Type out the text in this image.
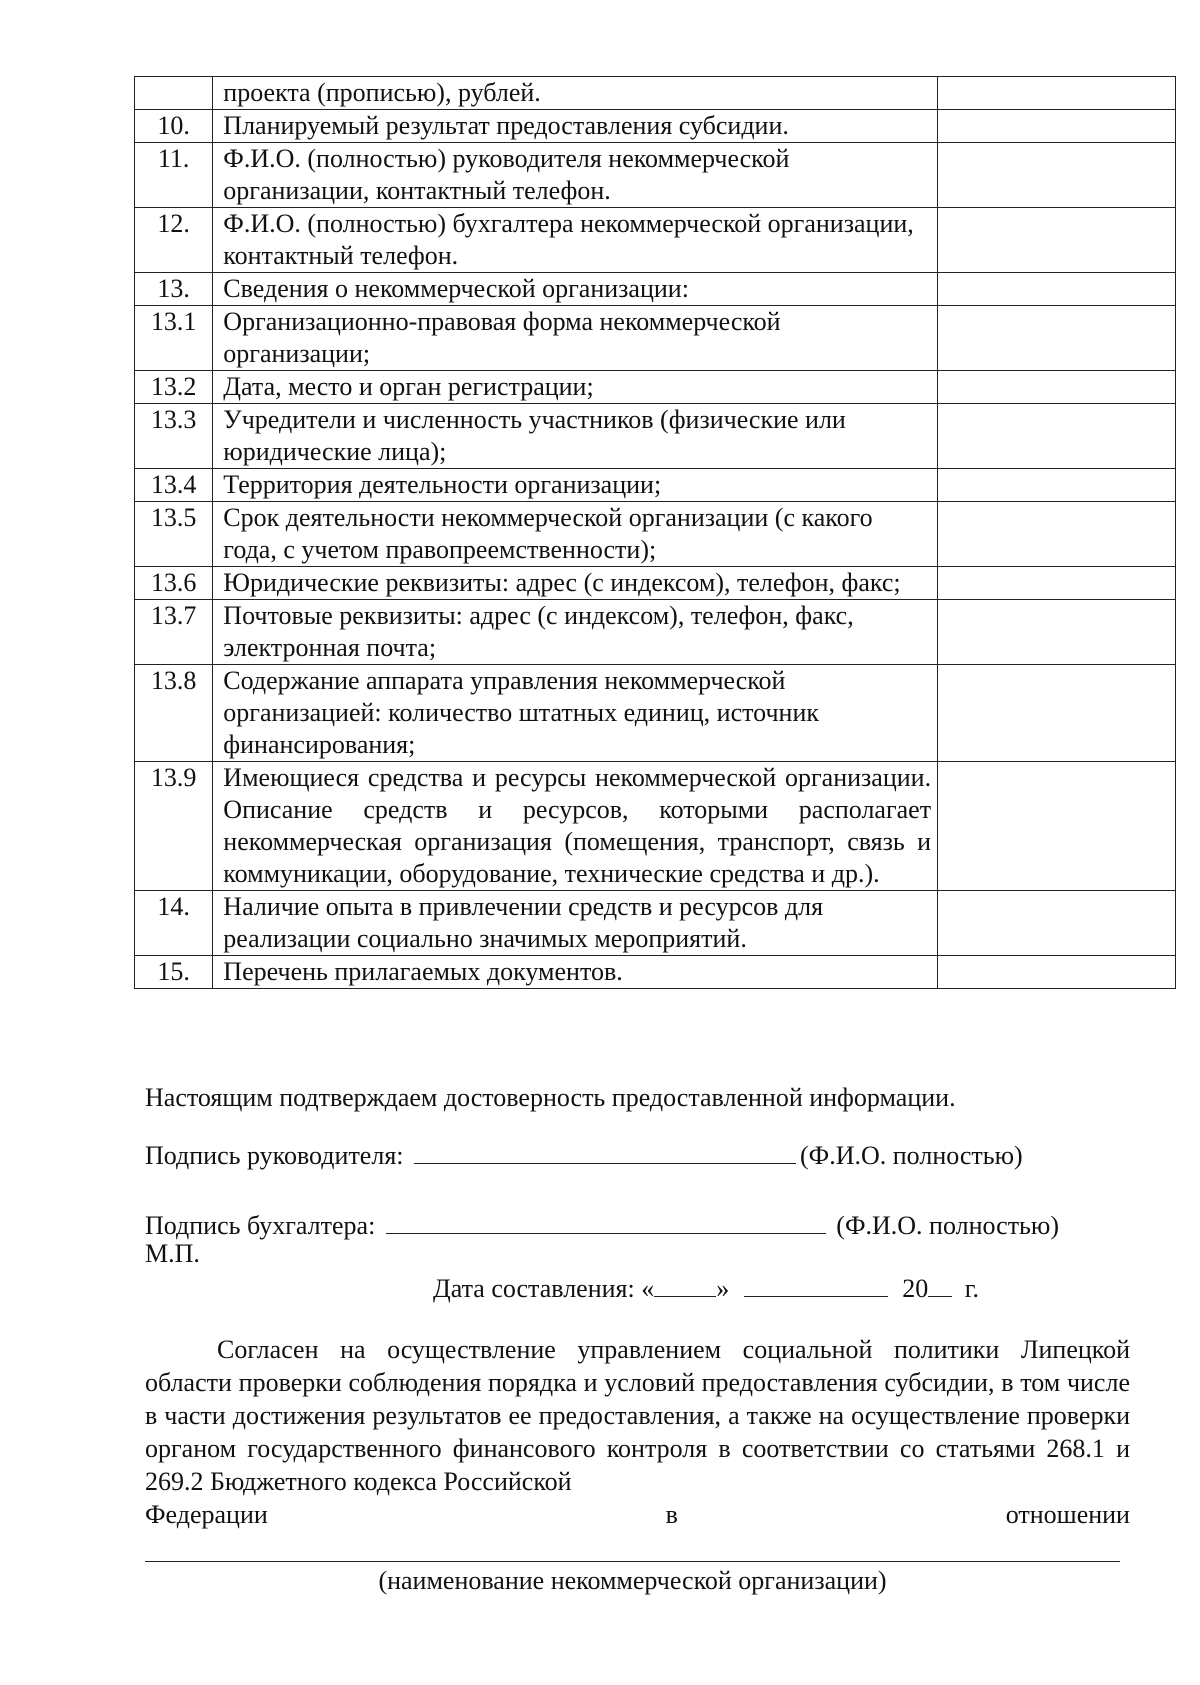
	проекта (прописью), рублей.	
10.	Планируемый результат предоставления субсидии.	
11.	Ф.И.О. (полностью) руководителя некоммерческой организации, контактный телефон.	
12.	Ф.И.О. (полностью) бухгалтера некоммерческой организации, контактный телефон.	
13.	Сведения о некоммерческой организации:	
13.1	Организационно-правовая форма некоммерческой организации;	
13.2	Дата, место и орган регистрации;	
13.3	Учредители и численность участников (физические или юридические лица);	
13.4	Территория деятельности организации;	
13.5	Срок деятельности некоммерческой организации (с какого года, с учетом правопреемственности);	
13.6	Юридические реквизиты: адрес (с индексом), телефон, факс;	
13.7	Почтовые реквизиты: адрес (с индексом), телефон, факс, электронная почта;	
13.8	Содержание аппарата управления некоммерческой организацией: количество штатных единиц, источник финансирования;	
13.9	Имеющиеся средства и ресурсы некоммерческой организации. Описание средств и ресурсов, которыми располагает некоммерческая организация (помещения, транспорт, связь и коммуникации, оборудование, технические средства и др.).	
14.	Наличие опыта в привлечении средств и ресурсов для реализации социально значимых мероприятий.	
15.	Перечень прилагаемых документов.	
Настоящим подтверждаем достоверность предоставленной информации.
Подпись руководителя:	(Ф.И.О. полностью)
Подпись бухгалтера:	(Ф.И.О. полностью)
М.П.
Дата составления: « »	20 г.
Согласен на осуществление управлением социальной политики Липецкой области проверки соблюдения порядка и условий предоставления субсидии, в том числе в части достижения результатов ее предоставления, а также на осуществление проверки органом государственного финансового контроля в соответствии со статьями 268.1 и 269.2 Бюджетного кодекса Российской
Федерации	в	отношении
(наименование некоммерческой организации)
